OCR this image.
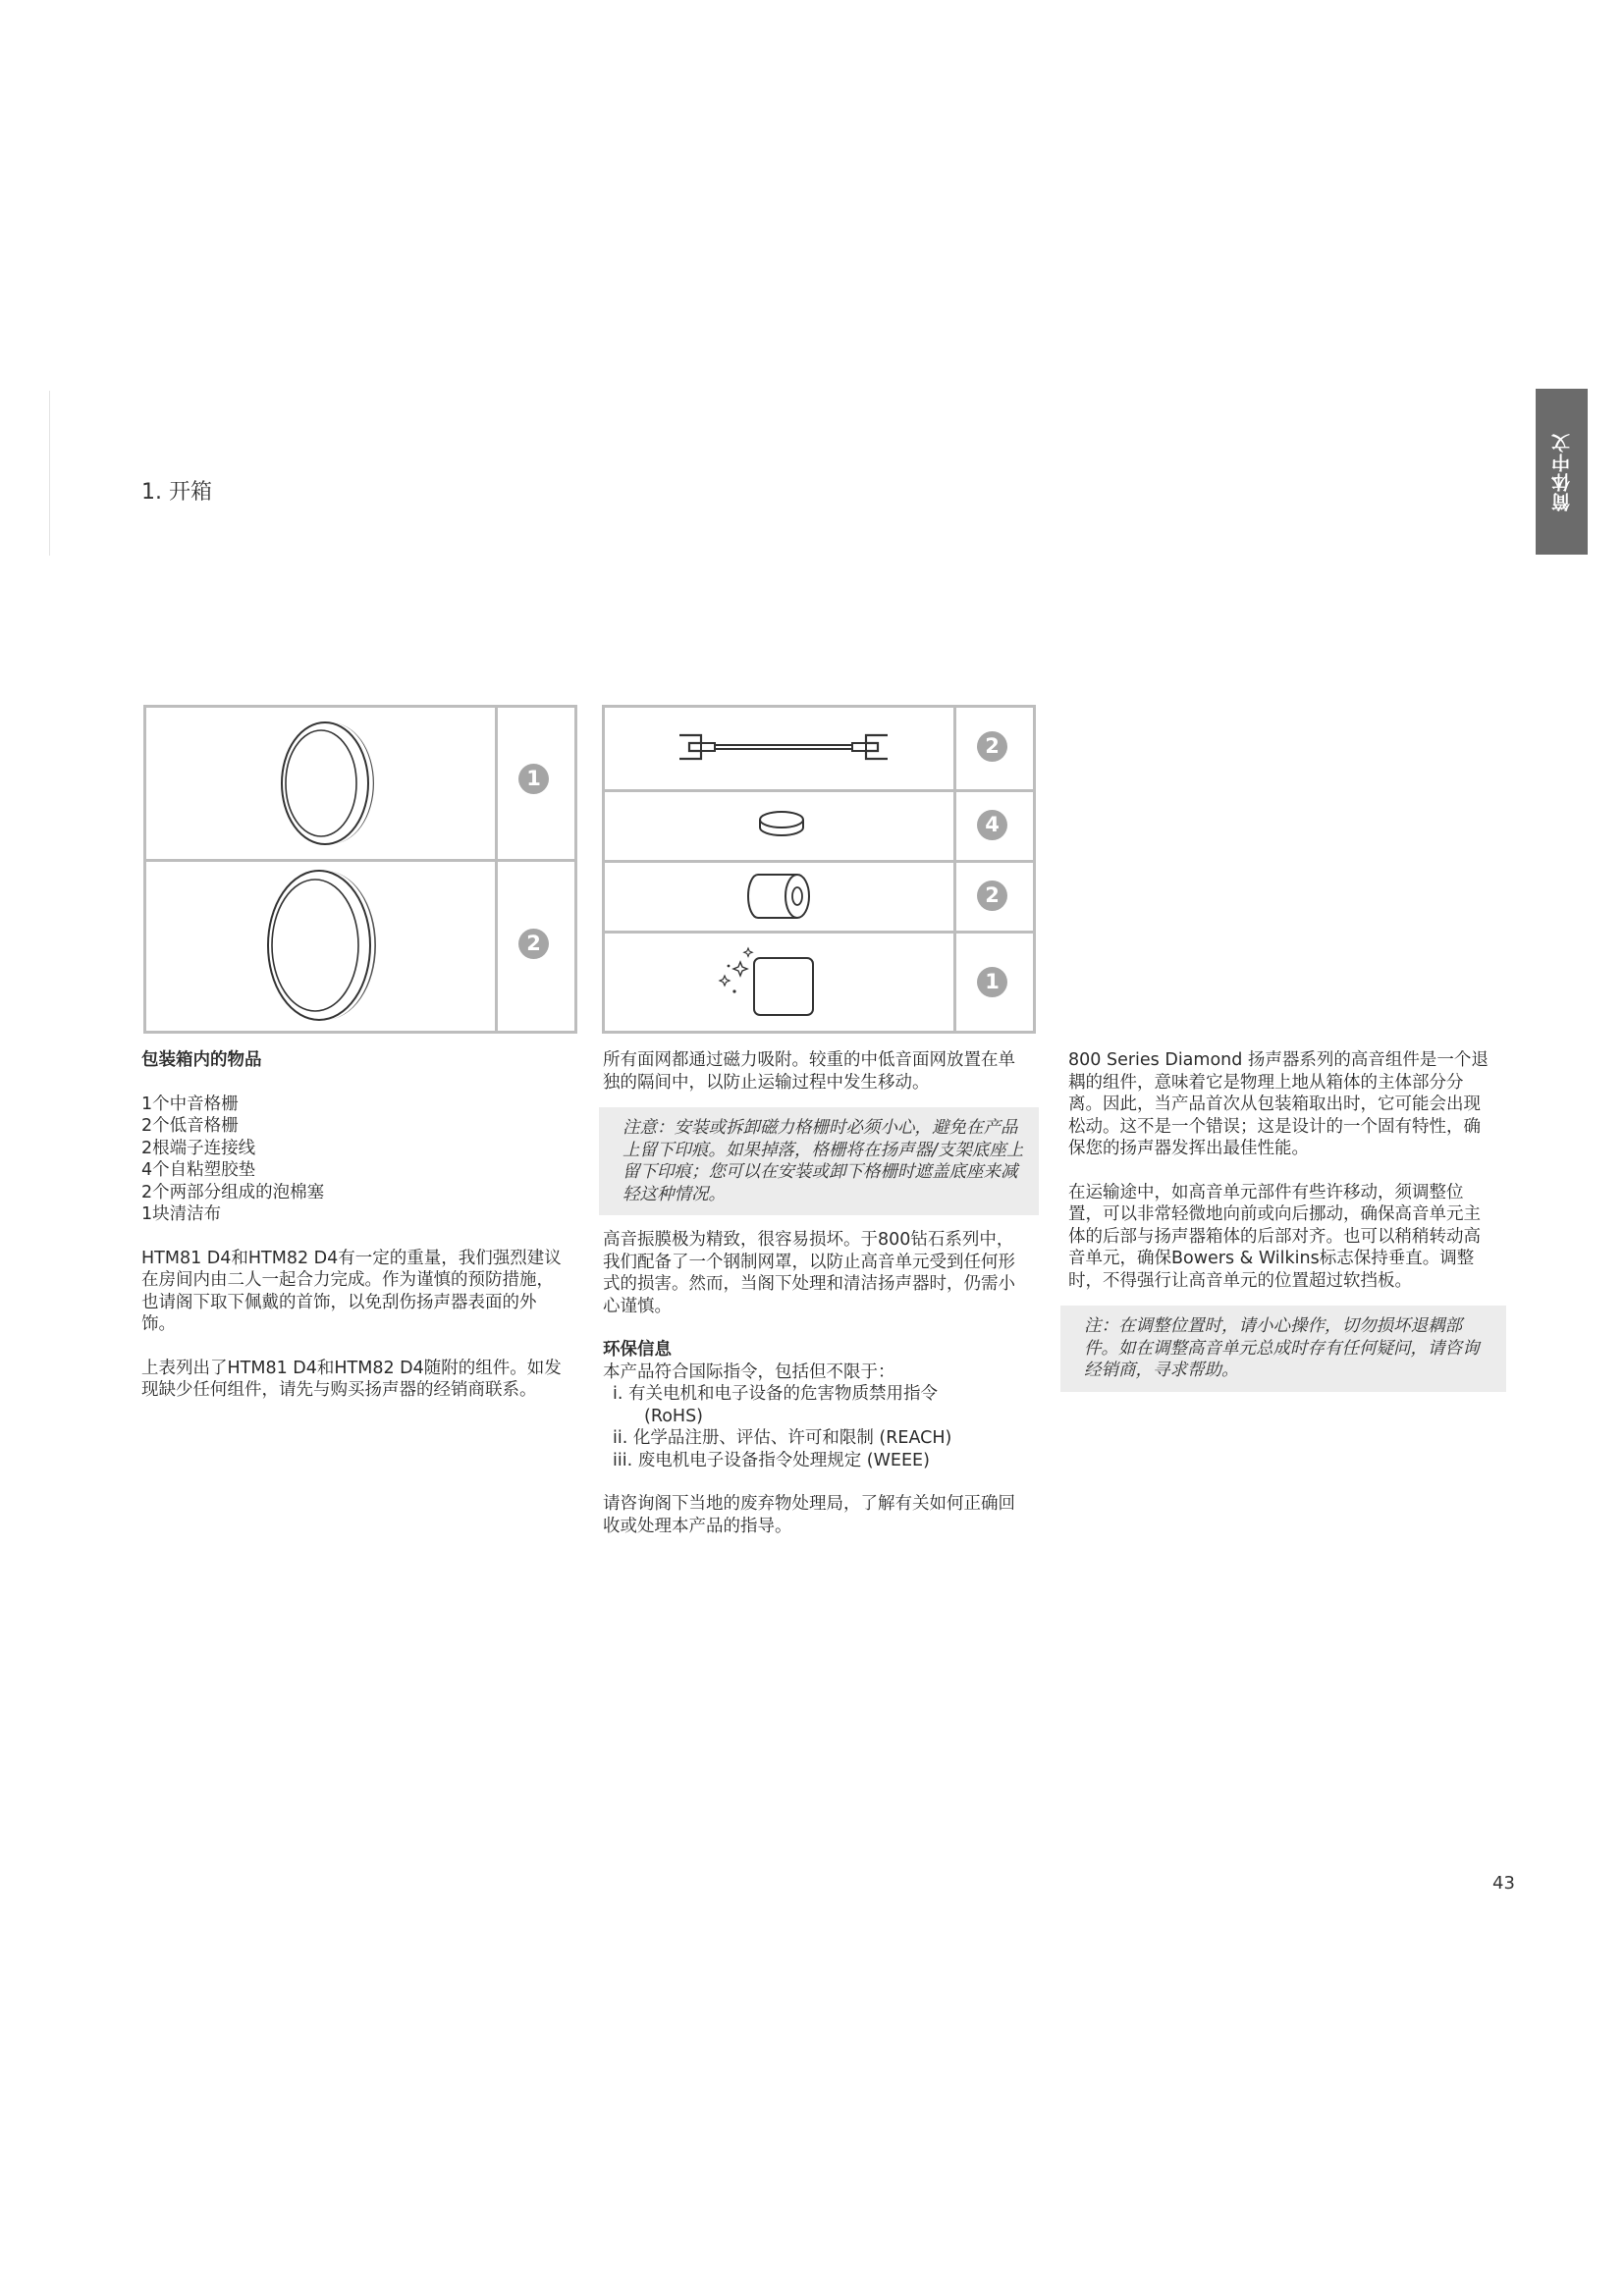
1. 开箱	简体中文
1
2
2
4
2
1

包装箱内的物品

1个中音格栅

2个低音格栅

2根端子连接线

4个自粘塑胶垫

2个两部分组成的泡棉塞

1块清洁布

HTM81 D4和HTM82 D4有一定的重量，我们强烈建议在房间内由二人一起合力完成。作为谨慎的预防措施，也请阁下取下佩戴的首饰，以免刮伤扬声器表面的外饰。

上表列出了HTM81 D4和HTM82 D4随附的组件。如发现缺少任何组件，请先与购买扬声器的经销商联系。

所有面网都通过磁力吸附。较重的中低音面网放置在单独的隔间中，以防止运输过程中发生移动。

注意：安装或拆卸磁力格栅时必须小心，避免在产品上留下印痕。如果掉落，格栅将在扬声器/支架底座上留下印痕；您可以在安装或卸下格栅时遮盖底座来减轻这种情况。

高音振膜极为精致，很容易损坏。于800钻石系列中，我们配备了一个钢制网罩，以防止高音单元受到任何形式的损害。然而，当阁下处理和清洁扬声器时，仍需小心谨慎。

环保信息

本产品符合国际指令，包括但不限于：

i. 有关电机和电子设备的危害物质禁用指令

(RoHS)

ii. 化学品注册、评估、许可和限制 (REACH)

iii. 废电机电子设备指令处理规定 (WEEE)

请咨询阁下当地的废弃物处理局，了解有关如何正确回收或处理本产品的指导。

800 Series Diamond 扬声器系列的高音组件是一个退耦的组件，意味着它是物理上地从箱体的主体部分分离。因此，当产品首次从包装箱取出时，它可能会出现松动。这不是一个错误；这是设计的一个固有特性，确保您的扬声器发挥出最佳性能。

在运输途中，如高音单元部件有些许移动，须调整位置，可以非常轻微地向前或向后挪动，确保高音单元主体的后部与扬声器箱体的后部对齐。也可以稍稍转动高音单元，确保Bowers & Wilkins标志保持垂直。调整时，不得强行让高音单元的位置超过软挡板。

注：在调整位置时，请小心操作，切勿损坏退耦部件。如在调整高音单元总成时存有任何疑问，请咨询经销商，寻求帮助。

43
